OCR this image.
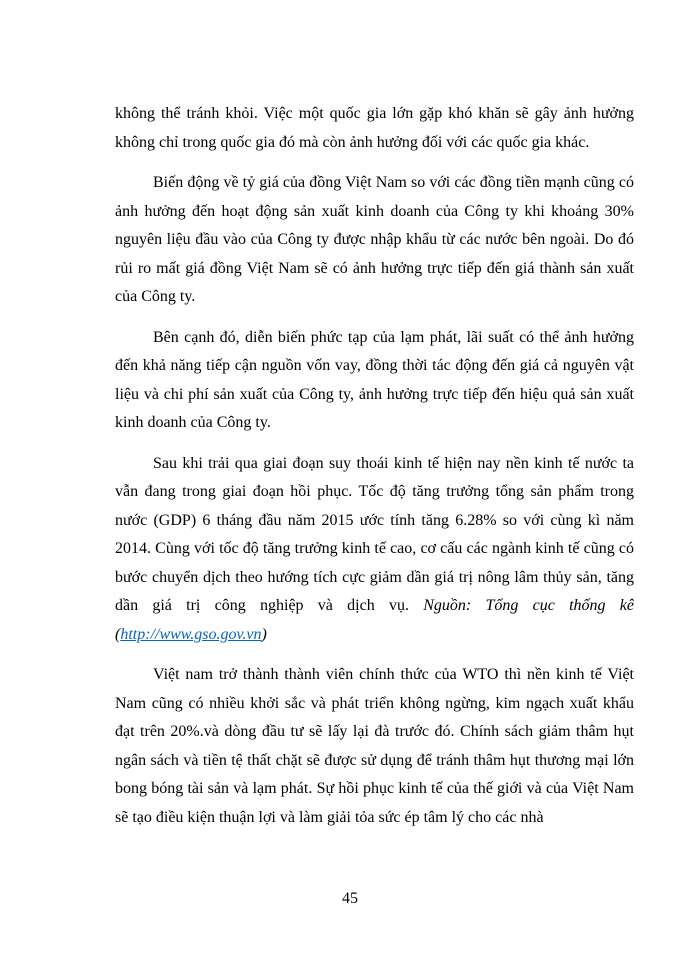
không thể tránh khỏi. Việc một quốc gia lớn gặp khó khăn sẽ gây ảnh hưởng không chỉ trong quốc gia đó mà còn ảnh hưởng đối với các quốc gia khác.

Biến động về tỷ giá của đồng Việt Nam so với các đồng tiền mạnh cũng có ảnh hưởng đến hoạt động sản xuất kinh doanh của Công ty khi khoảng 30% nguyên liệu đầu vào của Công ty được nhập khẩu từ các nước bên ngoài. Do đó rủi ro mất giá đồng Việt Nam sẽ có ảnh hưởng trực tiếp đến giá thành sản xuất của Công ty.

Bên cạnh đó, diễn biến phức tạp của lạm phát, lãi suất có thể ảnh hưởng đến khả năng tiếp cận nguồn vốn vay, đồng thời tác động đến giá cả nguyên vật liệu và chi phí sản xuất của Công ty, ảnh hưởng trực tiếp đến hiệu quả sản xuất kinh doanh của Công ty.

Sau khi trải qua giai đoạn suy thoái kinh tế hiện nay nền kinh tế nước ta vẫn đang trong giai đoạn hồi phục. Tốc độ tăng trưởng tổng sản phẩm trong nước (GDP) 6 tháng đầu năm 2015 ước tính tăng 6.28% so với cùng kì năm 2014. Cùng với tốc độ tăng trưởng kinh tế cao, cơ cấu các ngành kinh tế cũng có bước chuyển dịch theo hướng tích cực giảm dần giá trị nông lâm thủy sản, tăng dần giá trị công nghiệp và dịch vụ. Nguồn: Tổng cục thống kê (http://www.gso.gov.vn)

Việt nam trở thành thành viên chính thức của WTO thì nền kinh tế Việt Nam cũng có nhiều khởi sắc và phát triển không ngừng, kim ngạch xuất khẩu đạt trên 20%.và dòng đầu tư sẽ lấy lại đà trước đó. Chính sách giảm thâm hụt ngân sách và tiền tệ thất chặt sẽ được sử dụng để tránh thâm hụt thương mại lớn bong bóng tài sản và lạm phát. Sự hồi phục kinh tế của thế giới và của Việt Nam sẽ tạo điều kiện thuận lợi và làm giải tỏa sức ép tâm lý cho các nhà

45
